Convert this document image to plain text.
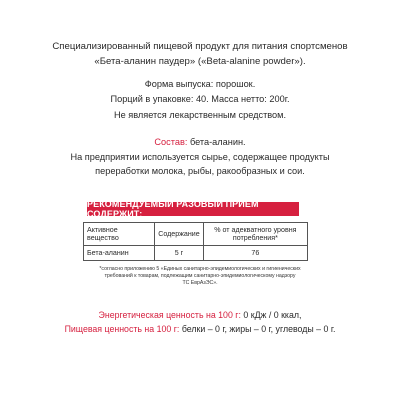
Специализированный пищевой продукт для питания спортсменов
«Бета-аланин паудер» («Beta-alanine powder»).
Форма выпуска: порошок.
Порций в упаковке: 40. Масса нетто: 200г.
Не является лекарственным средством.
Состав: бета-аланин.
На предприятии используется сырье, содержащее продукты
переработки молока, рыбы, ракообразных и сои.
РЕКОМЕНДУЕМЫЙ РАЗОВЫЙ ПРИЁМ СОДЕРЖИТ:
Активное вещество	Содержание	% от адекватного уровня потребления*
Бета-аланин	5 г	76
*согласно приложению 5 «Единых санитарно-эпидемиологических и гигиенических
требований к товарам, подлежащим санитарно-эпидемиологическому надзору
ТС ЕврАзЭС».
Энергетическая ценность на 100 г: 0 кДж / 0 ккал,
Пищевая ценность на 100 г: белки – 0 г, жиры – 0 г, углеводы – 0 г.
